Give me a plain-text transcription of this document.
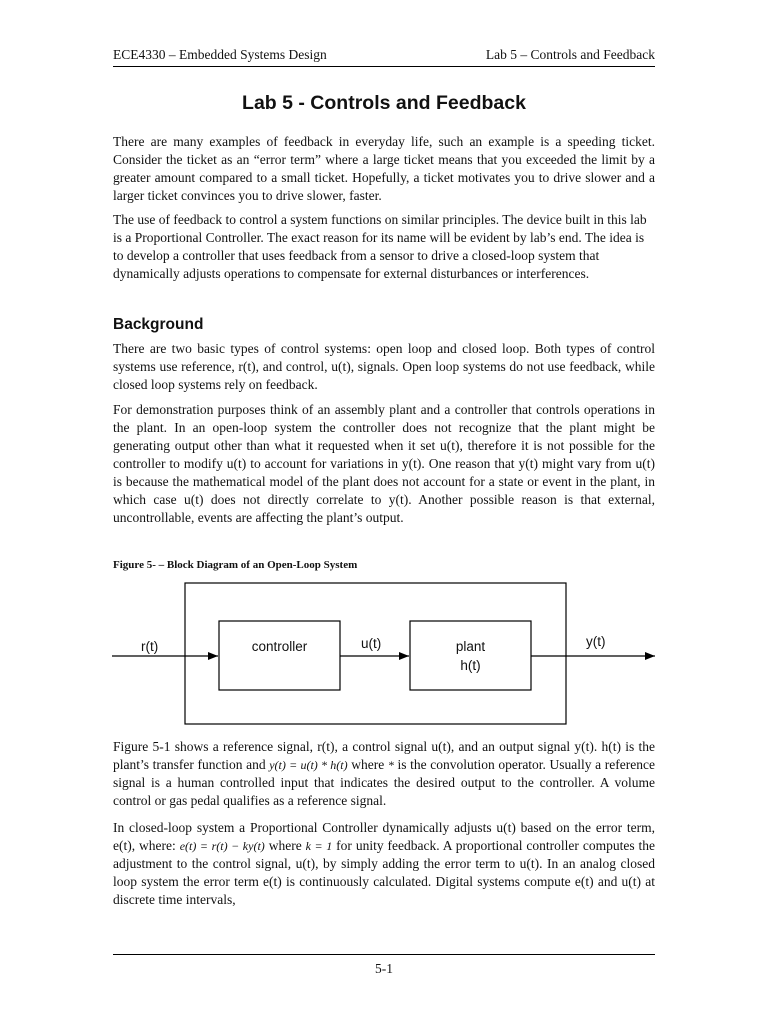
ECE4330 – Embedded Systems Design	Lab 5 – Controls and Feedback
Lab 5 - Controls and Feedback

There are many examples of feedback in everyday life, such an example is a speeding ticket. Consider the ticket as an “error term” where a large ticket means that you exceeded the limit by a greater amount compared to a small ticket. Hopefully, a ticket motivates you to drive slower and a larger ticket convinces you to drive slower, faster.

The use of feedback to control a system functions on similar principles. The device built in this lab is a Proportional Controller. The exact reason for its name will be evident by lab’s end. The idea is to develop a controller that uses feedback from a sensor to drive a closed-loop system that dynamically adjusts operations to compensate for external disturbances or interferences.

Background

There are two basic types of control systems: open loop and closed loop. Both types of control systems use reference, r(t), and control, u(t), signals. Open loop systems do not use feedback, while closed loop systems rely on feedback.

For demonstration purposes think of an assembly plant and a controller that controls operations in the plant. In an open-loop system the controller does not recognize that the plant might be generating output other than what it requested when it set u(t), therefore it is not possible for the controller to modify u(t) to account for variations in y(t). One reason that y(t) might vary from u(t) is because the mathematical model of the plant does not account for a state or event in the plant, in which case u(t) does not directly correlate to y(t). Another possible reason is that external, uncontrollable, events are affecting the plant’s output.

Figure 5- – Block Diagram of an Open-Loop System
r(t)	controller	u(t)	plant
h(t)
y(t)

Figure 5-1 shows a reference signal, r(t), a control signal u(t), and an output signal y(t). h(t) is the plant’s transfer function and y(t) = u(t) * h(t) where * is the convolution operator. Usually a reference signal is a human controlled input that indicates the desired output to the controller. A volume control or gas pedal qualifies as a reference signal.

In closed-loop system a Proportional Controller dynamically adjusts u(t) based on the error term, e(t), where: e(t) = r(t) − ky(t) where k = 1 for unity feedback. A proportional controller computes the adjustment to the control signal, u(t), by simply adding the error term to u(t). In an analog closed loop system the error term e(t) is continuously calculated. Digital systems compute e(t) and u(t) at discrete time intervals,

5-1
